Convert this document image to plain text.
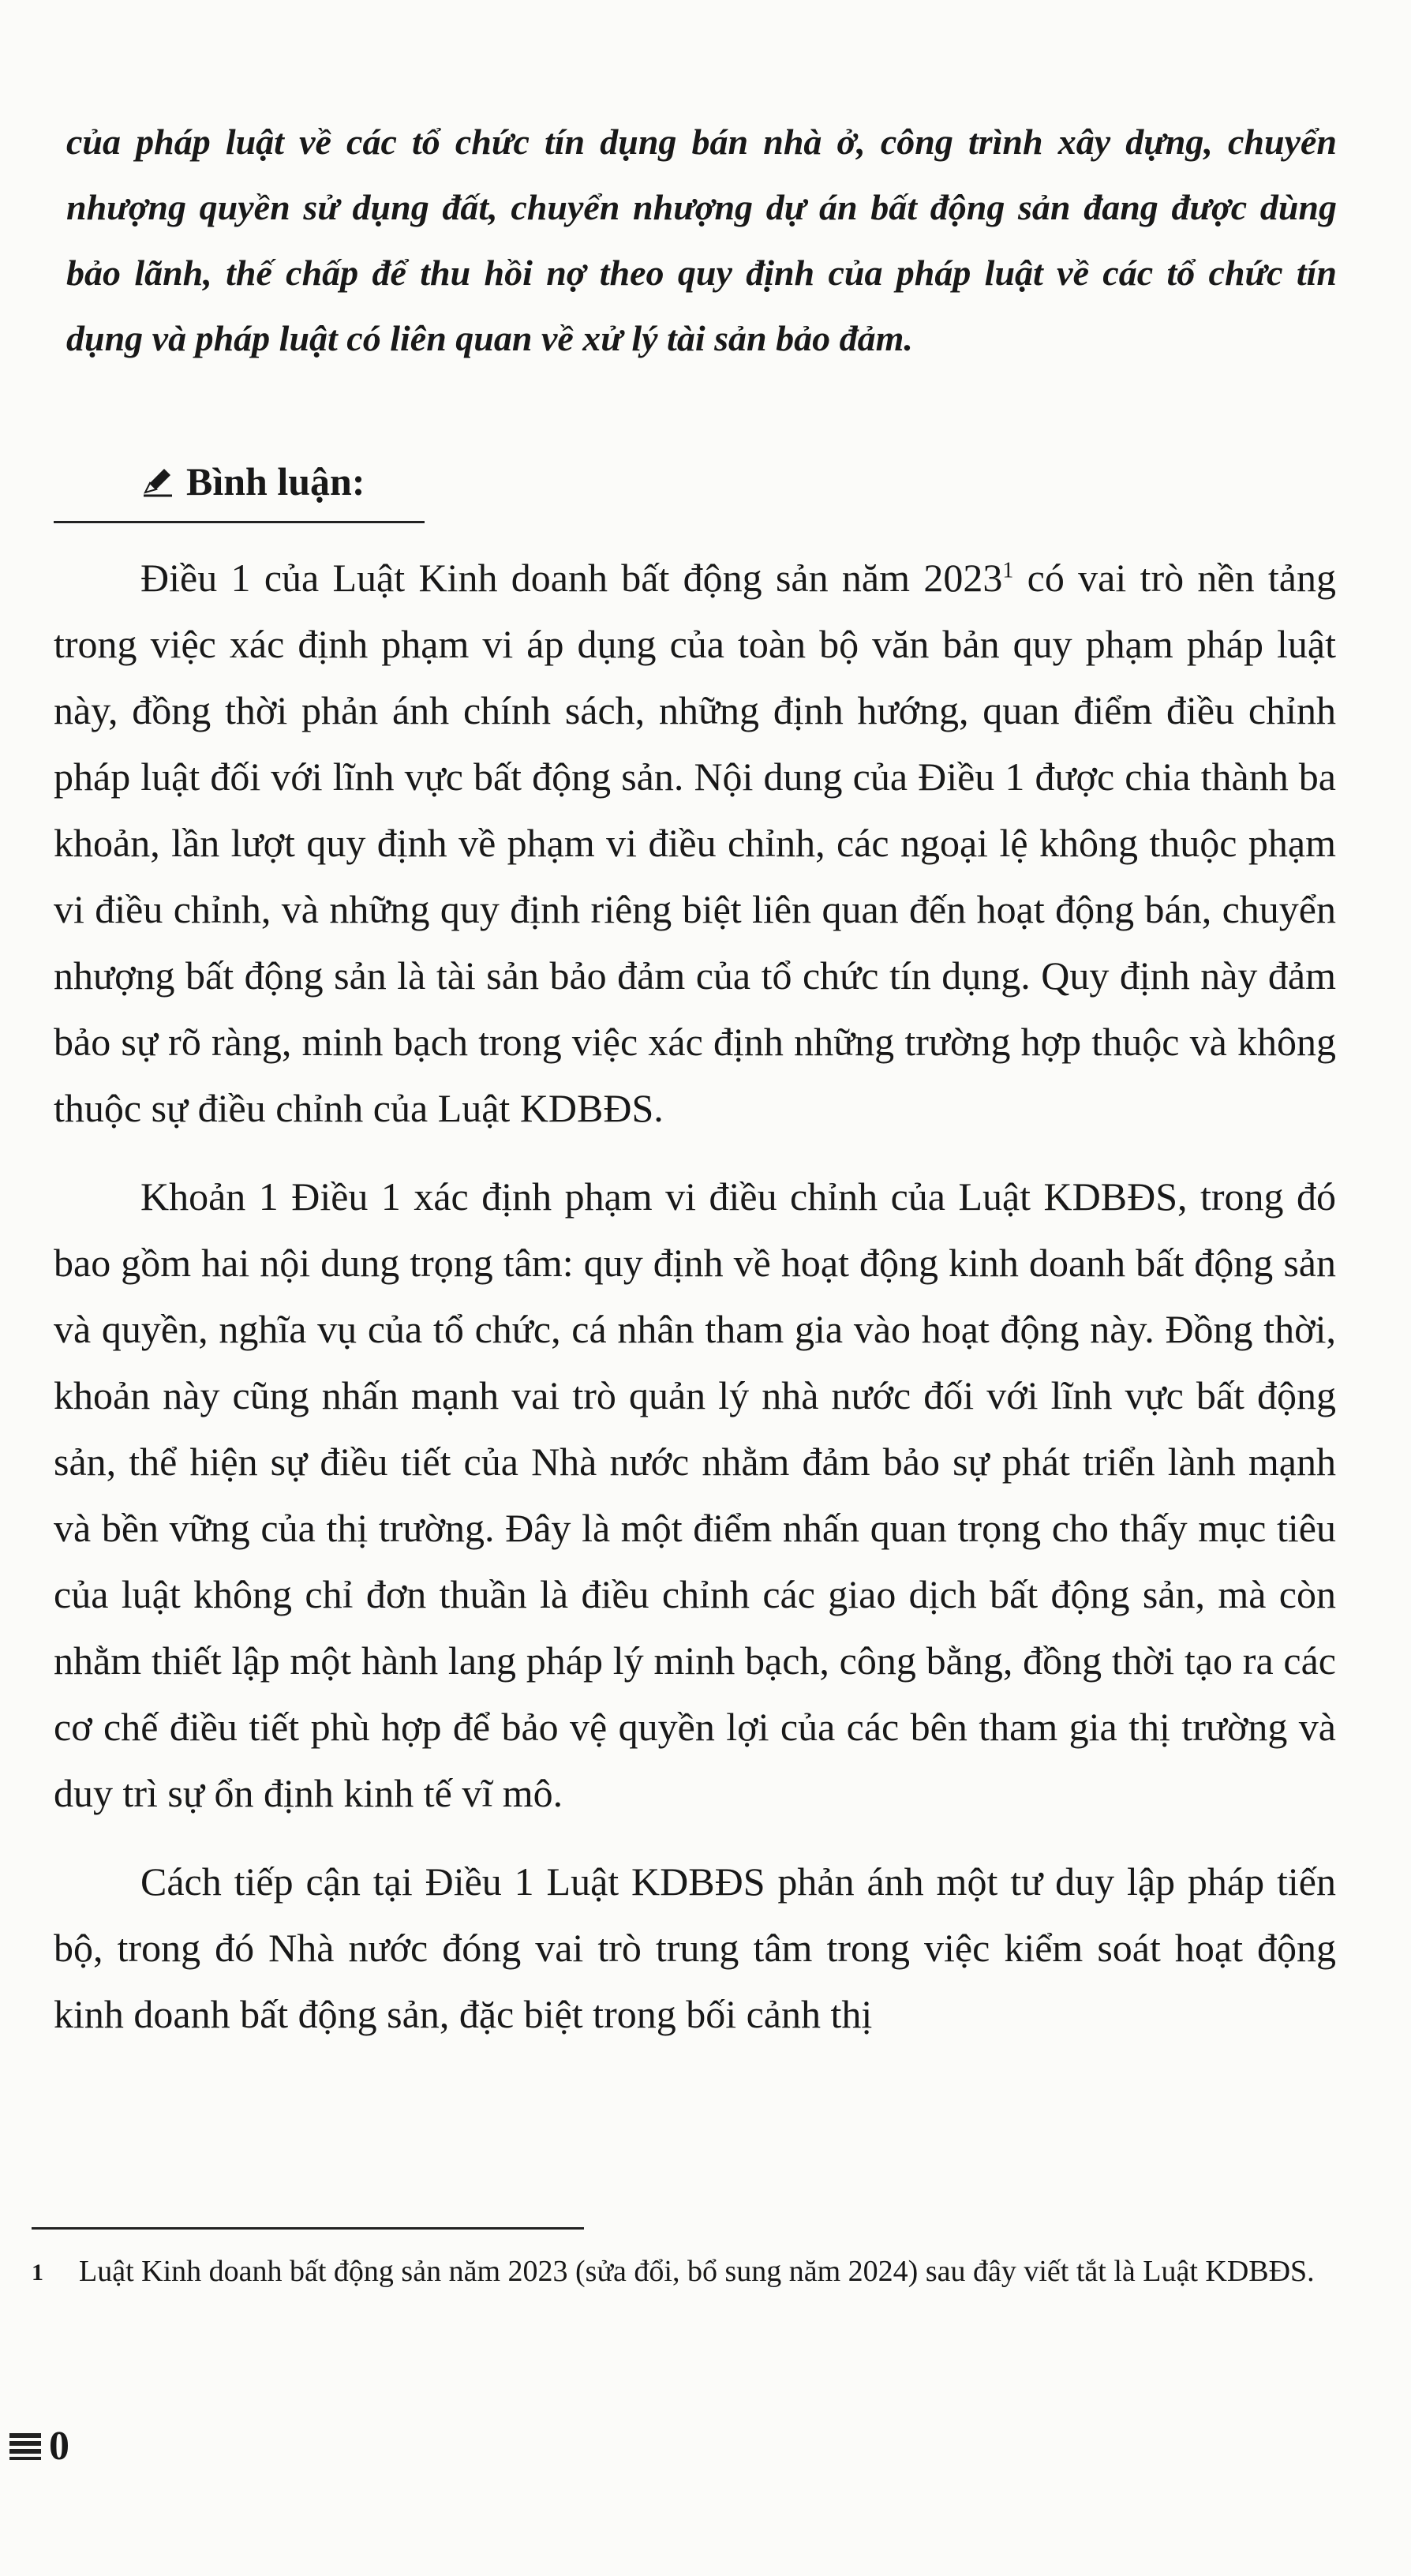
của pháp luật về các tổ chức tín dụng bán nhà ở, công trình xây dựng, chuyển nhượng quyền sử dụng đất, chuyển nhượng dự án bất động sản đang được dùng bảo lãnh, thế chấp để thu hồi nợ theo quy định của pháp luật về các tổ chức tín dụng và pháp luật có liên quan về xử lý tài sản bảo đảm.

Bình luận:

Điều 1 của Luật Kinh doanh bất động sản năm 2023$^1$ có vai trò nền tảng trong việc xác định phạm vi áp dụng của toàn bộ văn bản quy phạm pháp luật này, đồng thời phản ánh chính sách, những định hướng, quan điểm điều chỉnh pháp luật đối với lĩnh vực bất động sản. Nội dung của Điều 1 được chia thành ba khoản, lần lượt quy định về phạm vi điều chỉnh, các ngoại lệ không thuộc phạm vi điều chỉnh, và những quy định riêng biệt liên quan đến hoạt động bán, chuyển nhượng bất động sản là tài sản bảo đảm của tổ chức tín dụng. Quy định này đảm bảo sự rõ ràng, minh bạch trong việc xác định những trường hợp thuộc và không thuộc sự điều chỉnh của Luật KDBĐS.

Khoản 1 Điều 1 xác định phạm vi điều chỉnh của Luật KDBĐS, trong đó bao gồm hai nội dung trọng tâm: quy định về hoạt động kinh doanh bất động sản và quyền, nghĩa vụ của tổ chức, cá nhân tham gia vào hoạt động này. Đồng thời, khoản này cũng nhấn mạnh vai trò quản lý nhà nước đối với lĩnh vực bất động sản, thể hiện sự điều tiết của Nhà nước nhằm đảm bảo sự phát triển lành mạnh và bền vững của thị trường. Đây là một điểm nhấn quan trọng cho thấy mục tiêu của luật không chỉ đơn thuần là điều chỉnh các giao dịch bất động sản, mà còn nhằm thiết lập một hành lang pháp lý minh bạch, công bằng, đồng thời tạo ra các cơ chế điều tiết phù hợp để bảo vệ quyền lợi của các bên tham gia thị trường và duy trì sự ổn định kinh tế vĩ mô.

Cách tiếp cận tại Điều 1 Luật KDBĐS phản ánh một tư duy lập pháp tiến bộ, trong đó Nhà nước đóng vai trò trung tâm trong việc kiểm soát hoạt động kinh doanh bất động sản, đặc biệt trong bối cảnh thị

1	Luật Kinh doanh bất động sản năm 2023 (sửa đổi, bổ sung năm 2024) sau đây viết tắt là Luật KDBĐS.
0
